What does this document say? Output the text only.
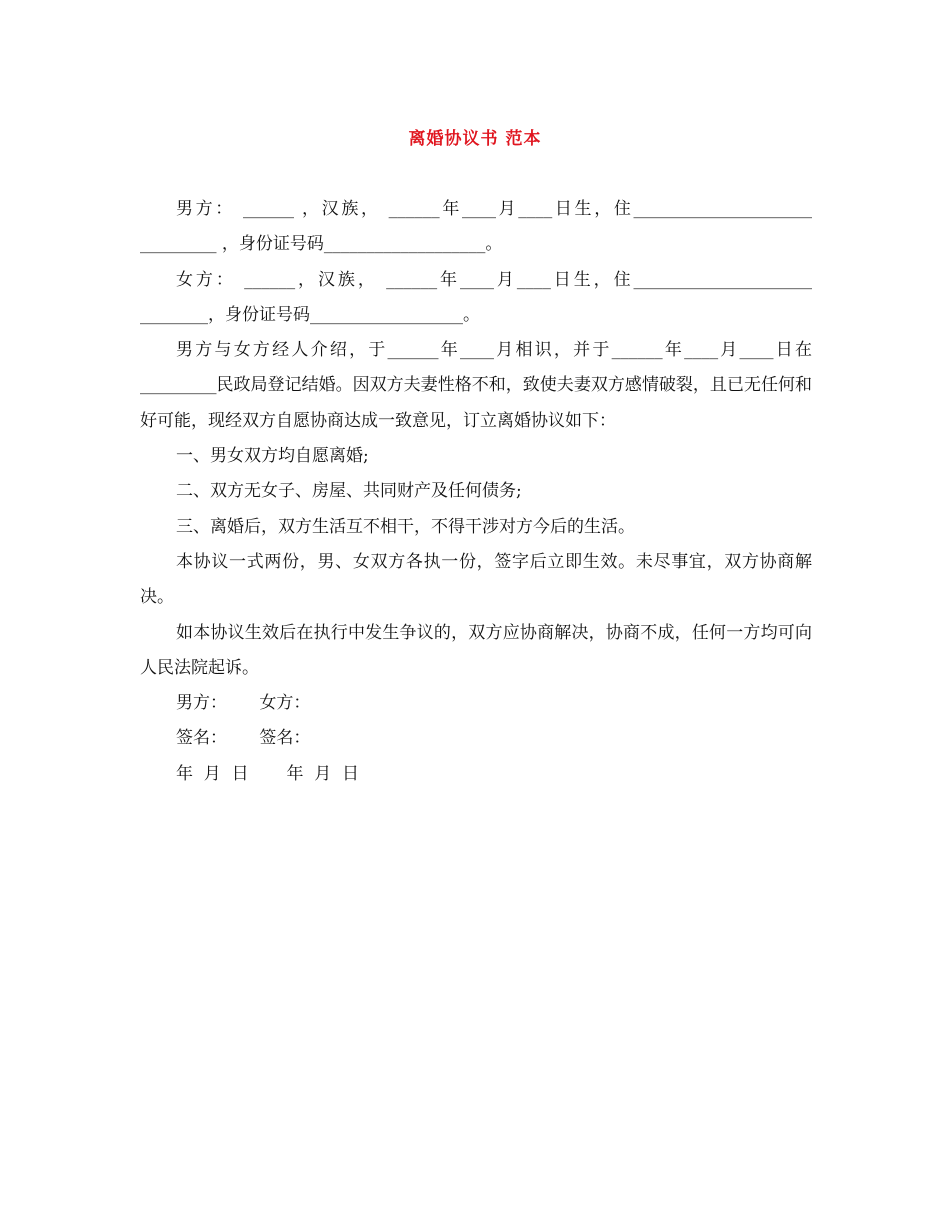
离婚协议书 范本

男方： ______ ，汉族， ______年____月____日生，住_____________________ _________ ，身份证号码___________________。

女方： ______，汉族， ______年____月____日生，住_____________________ ________，身份证号码__________________。

男方与女方经人介绍，于______年____月相识，并于______年____月____日在_________民政局登记结婚。因双方夫妻性格不和，致使夫妻双方感情破裂，且已无任何和好可能，现经双方自愿协商达成一致意见，订立离婚协议如下：

一、男女双方均自愿离婚;

二、双方无女子、房屋、共同财产及任何债务;

三、离婚后，双方生活互不相干，不得干涉对方今后的生活。

本协议一式两份，男、女双方各执一份，签字后立即生效。未尽事宜，双方协商解决。

如本协议生效后在执行中发生争议的，双方应协商解决，协商不成，任何一方均可向人民法院起诉。

男方：      女方：

签名：      签名：

年  月  日       年  月  日
